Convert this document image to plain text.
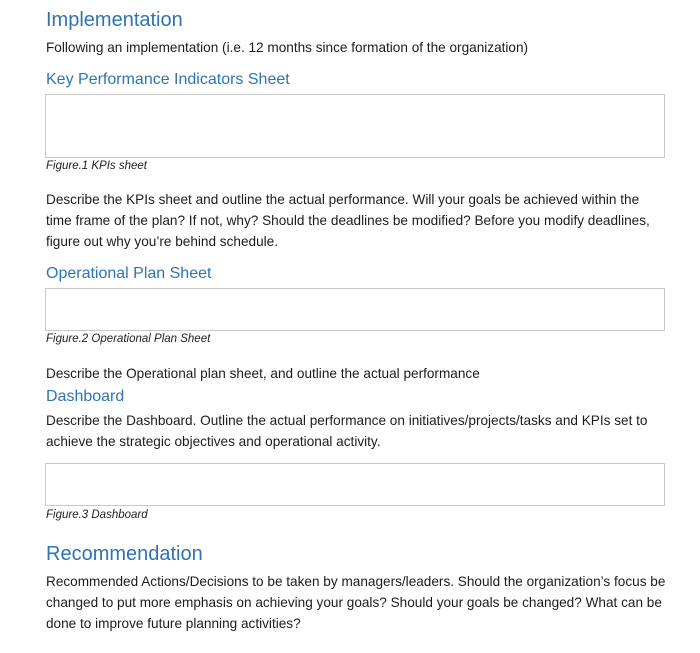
Implementation
Following an implementation (i.e. 12 months since formation of the organization)
Key Performance Indicators Sheet
Figure.1 KPIs sheet
Describe the KPIs sheet and outline the actual performance. Will your goals be achieved within the time frame of the plan? If not, why? Should the deadlines be modified? Before you modify deadlines, figure out why you’re behind schedule.
Operational Plan Sheet
Figure.2 Operational Plan Sheet
Describe the Operational plan sheet, and outline the actual performance
Dashboard
Describe the Dashboard. Outline the actual performance on initiatives/projects/tasks and KPIs set to achieve the strategic objectives and operational activity.
Figure.3 Dashboard
Recommendation
Recommended Actions/Decisions to be taken by managers/leaders. Should the organization’s focus be changed to put more emphasis on achieving your goals? Should your goals be changed? What can be done to improve future planning activities?
